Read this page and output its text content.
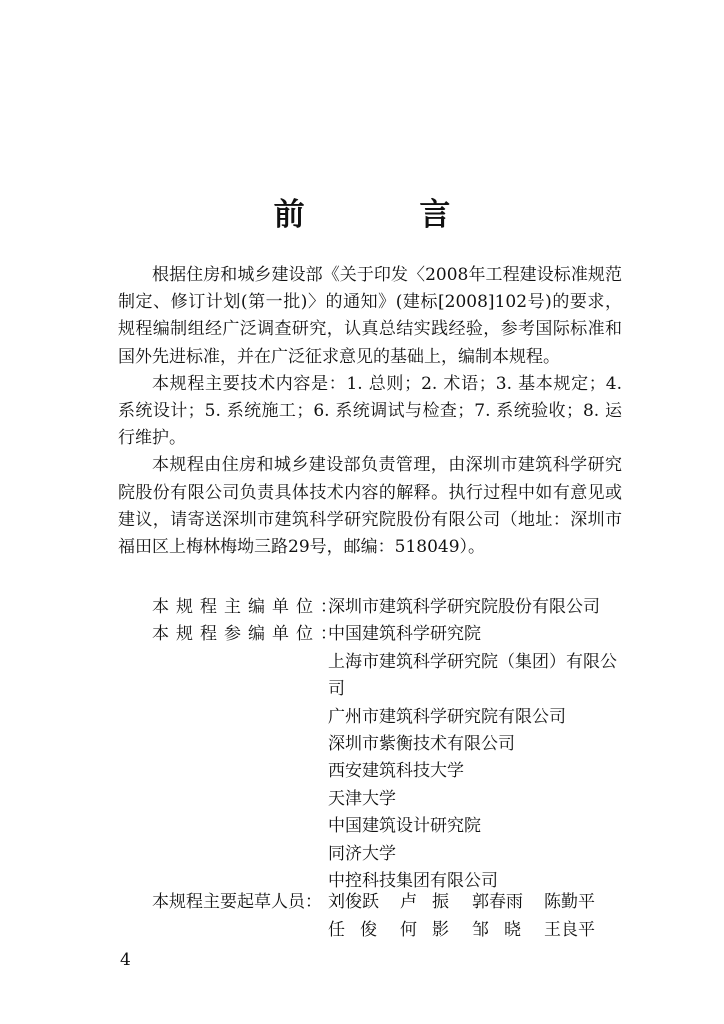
前 言

根据住房和城乡建设部《关于印发〈2008年工程建设标准规范制定、修订计划(第一批)〉的通知》(建标[2008]102号)的要求，规程编制组经广泛调查研究，认真总结实践经验，参考国际标准和国外先进标准，并在广泛征求意见的基础上，编制本规程。

本规程主要技术内容是：1. 总则；2. 术语；3. 基本规定；4. 系统设计；5. 系统施工；6. 系统调试与检查；7. 系统验收；8. 运行维护。

本规程由住房和城乡建设部负责管理，由深圳市建筑科学研究院股份有限公司负责具体技术内容的解释。执行过程中如有意见或建议，请寄送深圳市建筑科学研究院股份有限公司（地址：深圳市福田区上梅林梅坳三路29号，邮编：518049）。

本规程主编单位：
深圳市建筑科学研究院股份有限公司
本规程参编单位：
中国建筑科学研究院
上海市建筑科学研究院（集团）有限公司
广州市建筑科学研究院有限公司
深圳市紫衡技术有限公司
西安建筑科技大学
天津大学
中国建筑设计研究院
同济大学
中控科技集团有限公司
本规程主要起草人员： 刘俊跃	卢振 郭春雨	陈勤平
任俊 何影 邹晓 王良平
4
